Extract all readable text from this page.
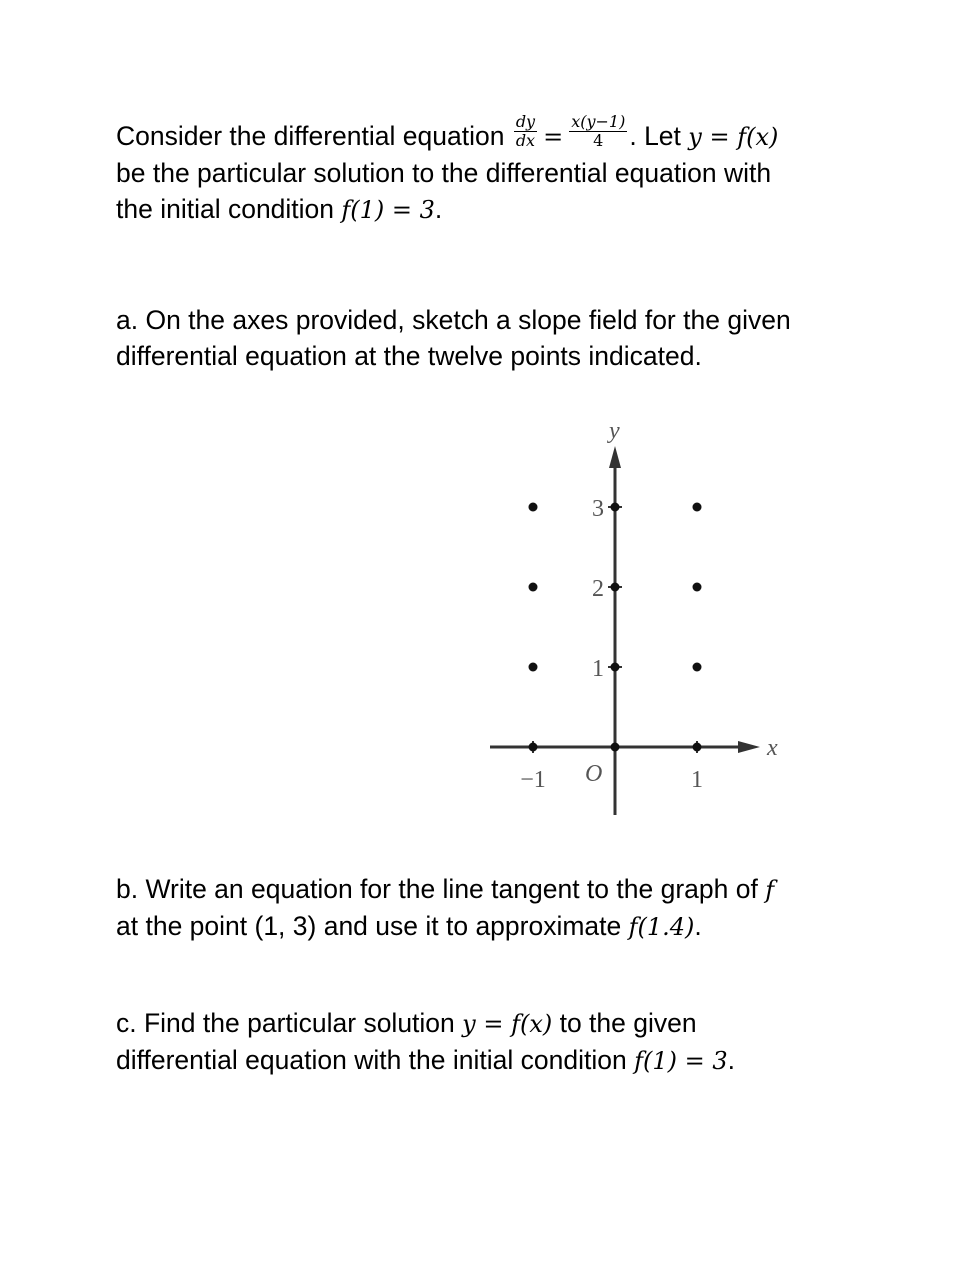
Consider the differential equation $\frac{dy}{dx} = \frac{x(y-1)}{4}$ . Let y = f(x)
be the particular solution to the differential equation with
the initial condition f(1) = 3.
a. On the axes provided, sketch a slope field for the given
differential equation at the twelve points indicated.
x
y
O
−1	1
1
2
3
b. Write an equation for the line tangent to the graph of f
at the point (1, 3) and use it to approximate f(1.4).
c. Find the particular solution y = f(x) to the given
differential equation with the initial condition f(1) = 3.
